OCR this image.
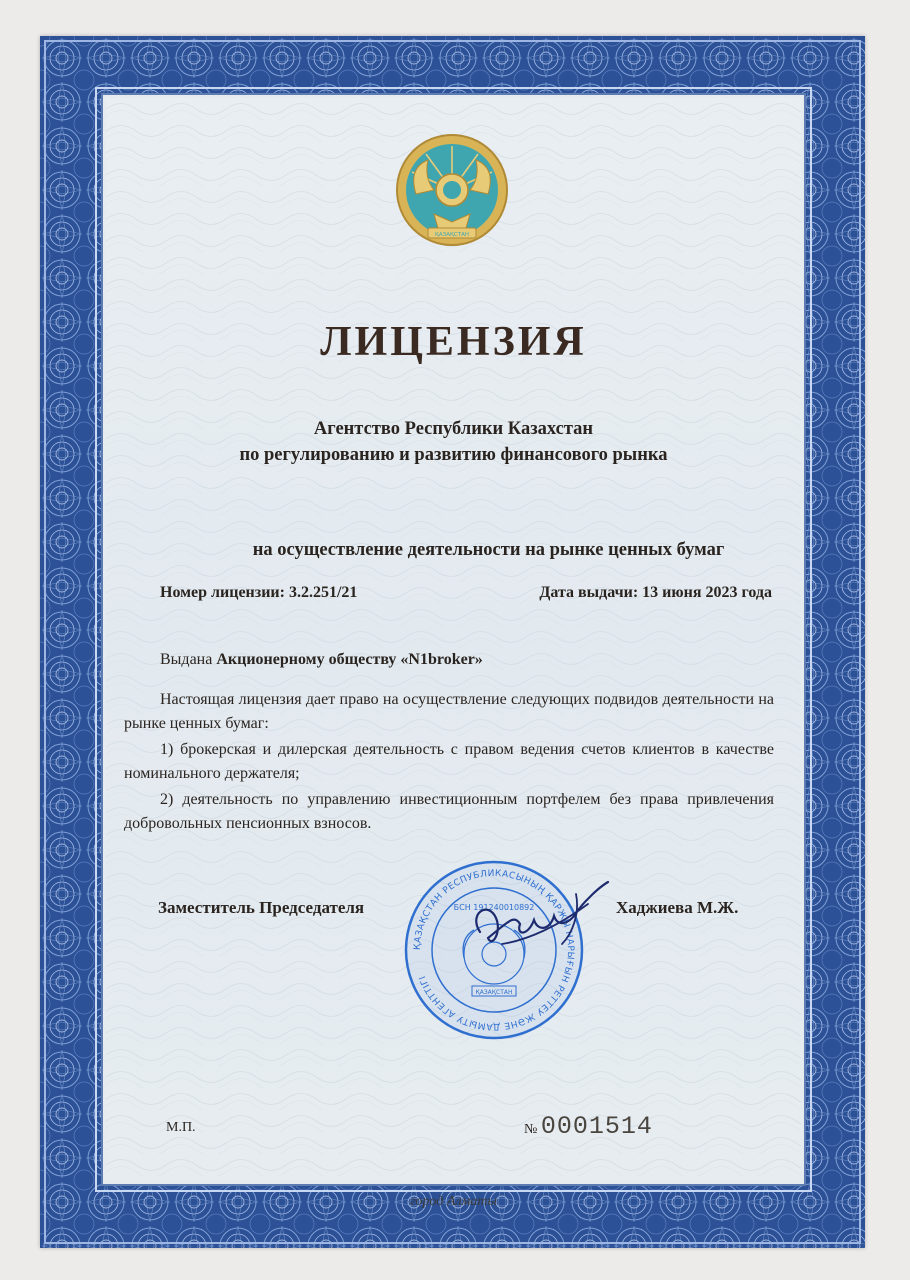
ҚАЗАҚСТАН
ЛИЦЕНЗИЯ
Агентство Республики Казахстан
по регулированию и развитию финансового рынка
на осуществление деятельности на рынке ценных бумаг
Номер лицензии: 3.2.251/21	Дата выдачи: 13 июня 2023 года
Выдана Акционерному обществу «N1broker»
Настоящая лицензия дает право на осуществление следующих подвидов деятельности на рынке ценных бумаг:
1) брокерская и дилерская деятельность с правом ведения счетов клиентов в качестве номинального держателя;
2) деятельность по управлению инвестиционным портфелем без права привлечения добровольных пенсионных взносов.
Заместитель Председателя
ҚАЗАҚСТАН РЕСПУБЛИКАСЫНЫҢ ҚАРЖЫ НАРЫҒЫН РЕТТЕУ ЖӘНЕ ДАМЫТУ АГЕНТТІГІ
БСН 191240010892
ҚАЗАҚСТАН
Хаджиева М.Ж.
М.П.	№ 0001514
город Алматы
